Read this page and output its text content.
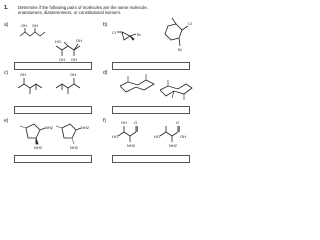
1. Determine if the following pairs of molecules are the same molecule, enantiomers, diastereomers, or constitutional isomers.
a)	OH OH
HO	OH
OH OH
b)
Cl	Br
Cl
Br
c)	OH	OH	d)
e)
NH2
NH2
NH2
NH2
f)	OH
HO
NH2
O
OH
HO
NH2
O
